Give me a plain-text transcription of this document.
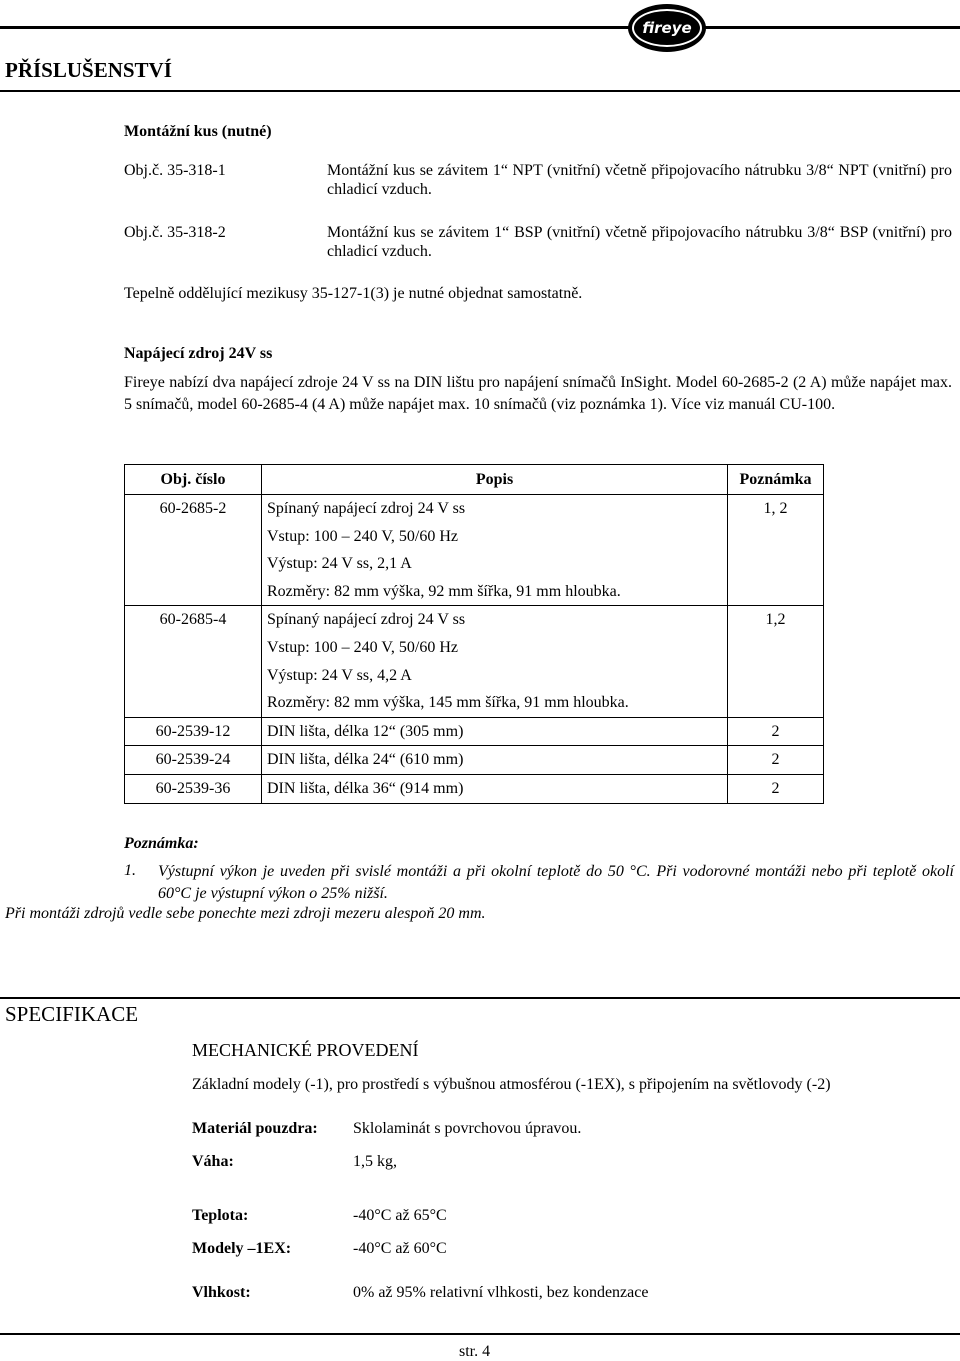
fireye
PŘÍSLUŠENSTVÍ
Montážní kus (nutné)
Obj.č. 35-318-1	Montážní kus se závitem 1“ NPT (vnitřní) včetně připojovacího nátrubku 3/8“ NPT (vnitřní) pro chladicí vzduch.
Obj.č. 35-318-2	Montážní kus se závitem 1“ BSP (vnitřní) včetně připojovacího nátrubku 3/8“ BSP (vnitřní) pro chladicí vzduch.
Tepelně oddělující mezikusy 35-127-1(3) je nutné objednat samostatně.
Napájecí zdroj 24V ss
Fireye nabízí dva napájecí zdroje 24 V ss na DIN lištu pro napájení snímačů InSight. Model 60-2685-2 (2 A) může napájet max. 5 snímačů, model 60-2685-4 (4 A) může napájet max. 10 snímačů (viz poznámka 1). Více viz manuál CU-100.
Obj. číslo	Popis	Poznámka
60-2685-2	Spínaný napájecí zdroj 24 V ss
Vstup: 100 – 240 V, 50/60 Hz
Výstup: 24 V ss, 2,1 A
Rozměry: 82 mm výška, 92 mm šířka, 91 mm hloubka.	1, 2
60-2685-4	Spínaný napájecí zdroj 24 V ss
Vstup: 100 – 240 V, 50/60 Hz
Výstup: 24 V ss, 4,2 A
Rozměry: 82 mm výška, 145 mm šířka, 91 mm hloubka.	1,2
60-2539-12	DIN lišta, délka 12“ (305 mm)	2
60-2539-24	DIN lišta, délka 24“ (610 mm)	2
60-2539-36	DIN lišta, délka 36“ (914 mm)	2
Poznámka:
1. Výstupní výkon je uveden při svislé montáži a při okolní teplotě do 50 °C. Při vodorovné montáži nebo při teplotě okolí 60°C je výstupní výkon o 25% nižší.
Při montáži zdrojů vedle sebe ponechte mezi zdroji mezeru alespoň 20 mm.
SPECIFIKACE
MECHANICKÉ PROVEDENÍ
Základní modely (-1), pro prostředí s výbušnou atmosférou (-1EX), s připojením na světlovody (-2)
Materiál pouzdra: Sklolaminát s povrchovou úpravou.
Váha:	1,5 kg,
Teplota:	-40°C až 65°C
Modely –1EX:	-40°C až 60°C
Vlhkost:	0% až 95% relativní vlhkosti, bez kondenzace
str. 4
